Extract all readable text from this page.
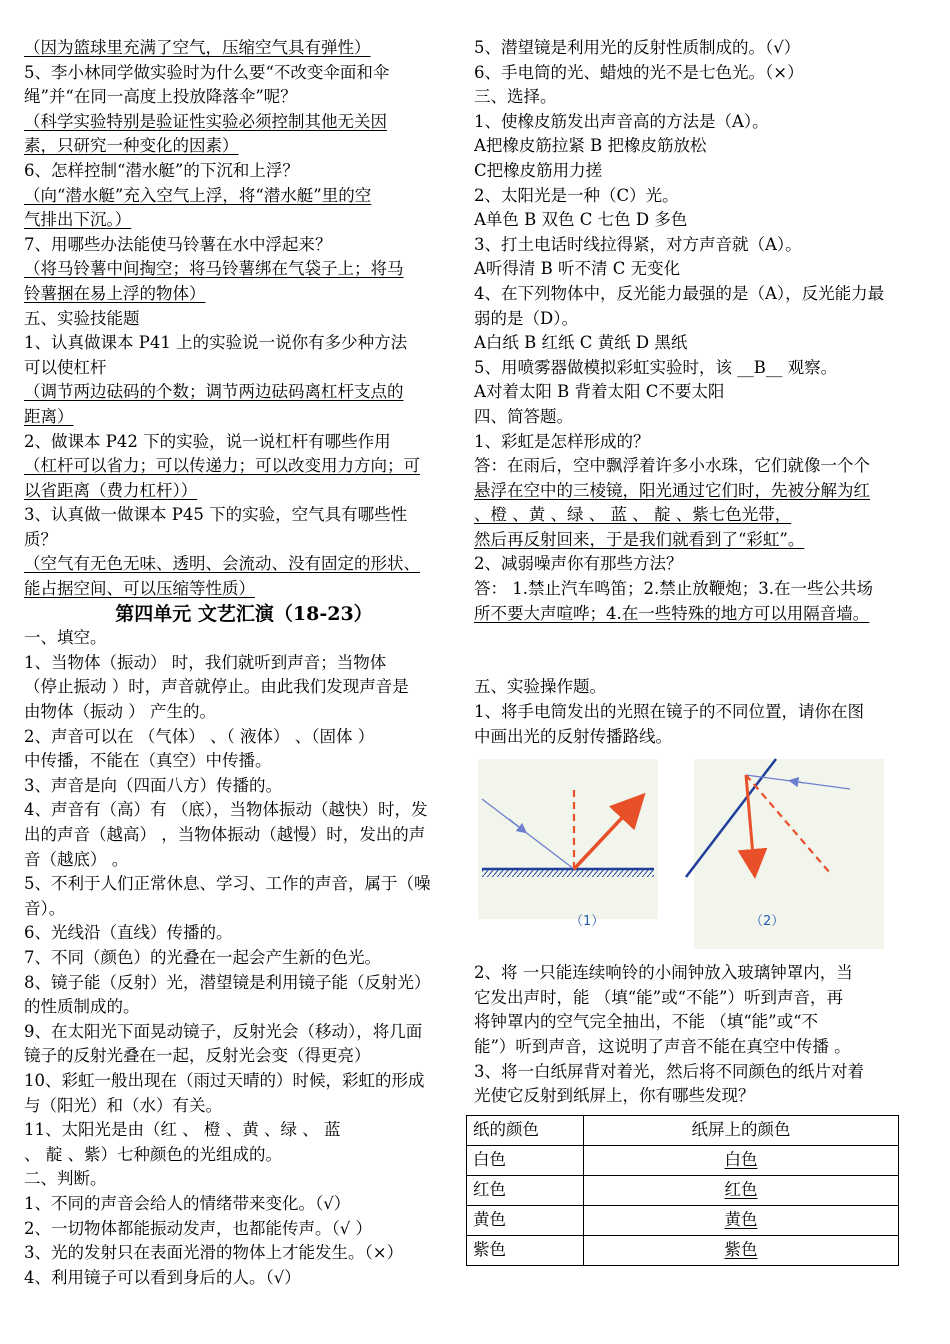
（因为篮球里充满了空气，压缩空气具有弹性）
5、李小林同学做实验时为什么要“不改变伞面和伞
绳”并“在同一高度上投放降落伞”呢？
（科学实验特别是验证性实验必须控制其他无关因
素，只研究一种变化的因素）
6、怎样控制“潜水艇”的下沉和上浮？
（向“潜水艇”充入空气上浮，将“潜水艇”里的空
气排出下沉。）
7、用哪些办法能使马铃薯在水中浮起来？
（将马铃薯中间掏空；将马铃薯绑在气袋子上；将马
铃薯捆在易上浮的物体）
五、实验技能题
1、认真做课本 P41 上的实验说一说你有多少种方法
可以使杠杆
（调节两边砝码的个数；调节两边砝码离杠杆支点的
距离）
2、做课本 P42 下的实验，说一说杠杆有哪些作用
（杠杆可以省力；可以传递力；可以改变用力方向；可
以省距离（费力杠杆））
3、认真做一做课本 P45 下的实验，空气具有哪些性
质？
（空气有无色无味、透明、会流动、没有固定的形状、
能占据空间、可以压缩等性质）
第四单元 文艺汇演（18-23）
一、填空。
1、当物体（振动） 时，我们就听到声音；当物体
（停止振动 ）时，声音就停止。由此我们发现声音是
由物体（振动 ） 产生的。
2、声音可以在 （气体） 、（ 液体） 、（固体 ）
中传播，不能在（真空）中传播。
3、声音是向（四面八方）传播的。
4、声音有（高）有 （底），当物体振动（越快）时，发
出的声音（越高） ，当物体振动（越慢）时，发出的声
音（越底） 。
5、不利于人们正常休息、学习、工作的声音，属于（噪
音）。
6、光线沿（直线）传播的。
7、不同（颜色）的光叠在一起会产生新的色光。
8、镜子能（反射）光，潜望镜是利用镜子能（反射光）
的性质制成的。
9、在太阳光下面晃动镜子，反射光会（移动），将几面
镜子的反射光叠在一起，反射光会变（得更亮）
10、彩虹一般出现在（雨过天晴的）时候，彩虹的形成
与（阳光）和（水）有关。
11、太阳光是由（红 、 橙 、黄 、绿 、 蓝
、 靛 、紫）七种颜色的光组成的。
二、判断。
1、不同的声音会给人的情绪带来变化。（√）
2、一切物体都能振动发声，也都能传声。（√ ）
3、光的发射只在表面光滑的物体上才能发生。（×）
4、利用镜子可以看到身后的人。（√）
5、潜望镜是利用光的反射性质制成的。（√）
6、手电筒的光、蜡烛的光不是七色光。（×）
三、选择。
1、使橡皮筋发出声音高的方法是（A）。
A把橡皮筋拉紧 B 把橡皮筋放松
C把橡皮筋用力搓
2、太阳光是一种（C）光。
A单色 B 双色 C 七色 D 多色
3、打土电话时线拉得紧，对方声音就（A）。
A听得清 B 听不清 C 无变化
4、在下列物体中，反光能力最强的是（A），反光能力最
弱的是（D）。
A白纸 B 红纸 C 黄纸 D 黑纸
5、用喷雾器做模拟彩虹实验时，该 __B__ 观察。
A对着太阳 B 背着太阳 C不要太阳
四、简答题。
1、彩虹是怎样形成的？
答：在雨后，空中飘浮着许多小水珠，它们就像一个个
悬浮在空中的三棱镜，阳光通过它们时，先被分解为红
、橙 、黄 、绿 、 蓝 、 靛 、紫七色光带，
然后再反射回来，于是我们就看到了“彩虹”。
2、减弱噪声你有那些方法？
答： 1.禁止汽车鸣笛；2.禁止放鞭炮；3.在一些公共场
所不要大声喧哗；4.在一些特殊的地方可以用隔音墙。
五、实验操作题。
1、将手电筒发出的光照在镜子的不同位置，请你在图
中画出光的反射传播路线。
（1）	（2）
2、将 一只能连续响铃的小闹钟放入玻璃钟罩内，当
它发出声时，能 （填“能”或“不能”）听到声音，再
将钟罩内的空气完全抽出，不能 （填“能”或“不
能”）听到声音，这说明了声音不能在真空中传播 。
3、将一白纸屏背对着光，然后将不同颜色的纸片对着
光使它反射到纸屏上，你有哪些发现？
纸的颜色	纸屏上的颜色
白色	白色
红色	红色
黄色	黄色
紫色	紫色
